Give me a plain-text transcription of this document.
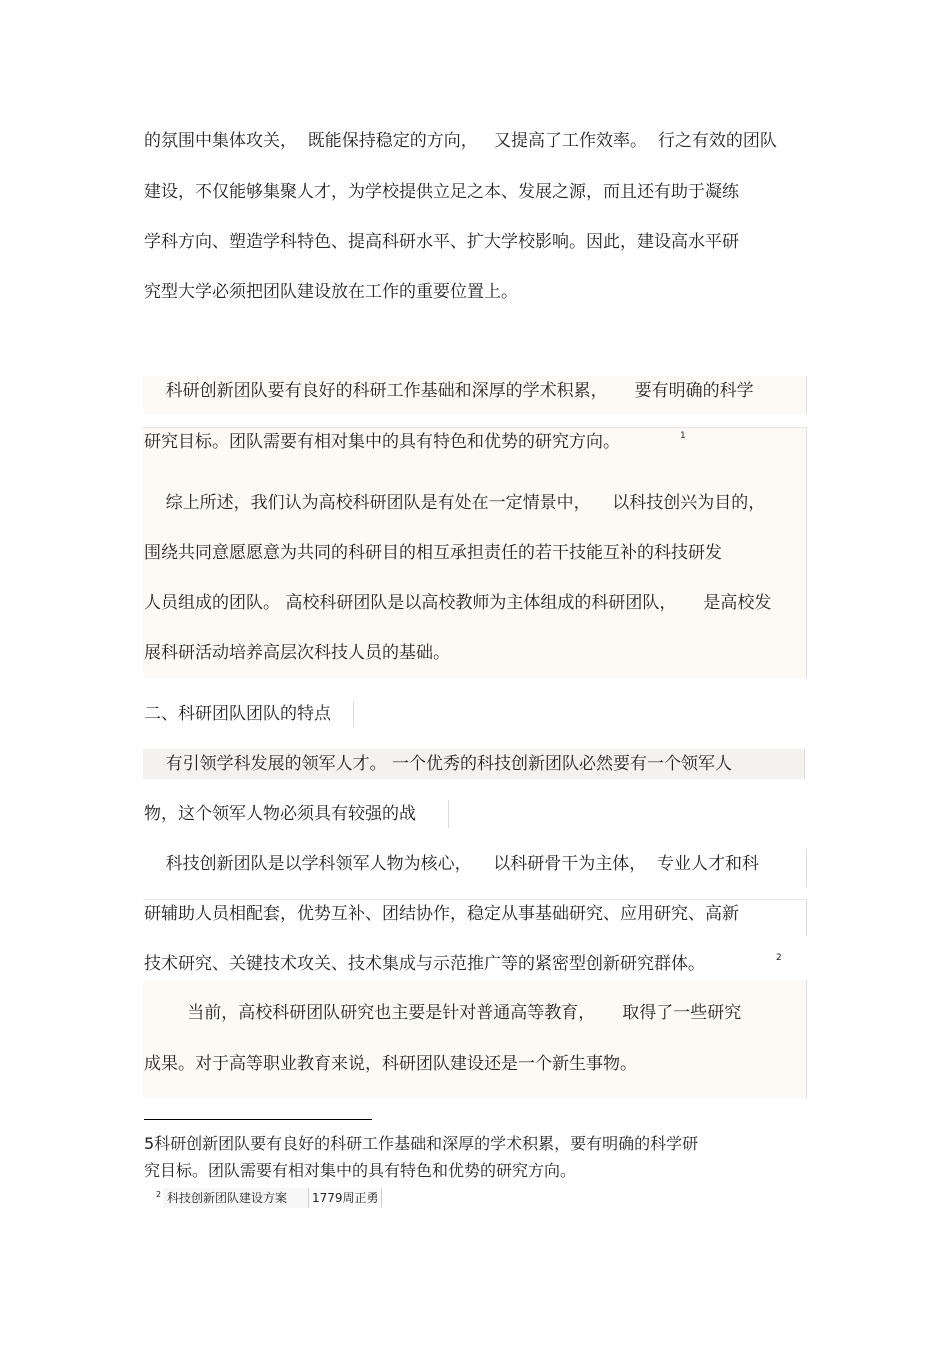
的氛围中集体攻关，  既能保持稳定的方向，   又提高了工作效率。  行之有效的团队
建设，不仅能够集聚人才，为学校提供立足之本、发展之源，而且还有助于凝练
学科方向、塑造学科特色、提高科研水平、扩大学校影响。因此，建设高水平研
究型大学必须把团队建设放在工作的重要位置上。
科研创新团队要有良好的科研工作基础和深厚的学术积累，     要有明确的科学
研究目标。团队需要有相对集中的具有特色和优势的研究方向。	1
综上所述，我们认为高校科研团队是有处在一定情景中，    以科技创兴为目的，
围绕共同意愿愿意为共同的科研目的相互承担责任的若干技能互补的科技研发
人员组成的团队。 高校科研团队是以高校教师为主体组成的科研团队，     是高校发
展科研活动培养高层次科技人员的基础。
二、科研团队团队的特点
有引领学科发展的领军人才。 一个优秀的科技创新团队必然要有一个领军人
物，这个领军人物必须具有较强的战
科技创新团队是以学科领军人物为核心，    以科研骨干为主体，  专业人才和科
研辅助人员相配套，优势互补、团结协作，稳定从事基础研究、应用研究、高新
技术研究、关键技术攻关、技术集成与示范推广等的紧密型创新研究群体。	2
当前，高校科研团队研究也主要是针对普通高等教育，     取得了一些研究
成果。对于高等职业教育来说，科研团队建设还是一个新生事物。
5科研创新团队要有良好的科研工作基础和深厚的学术积累，要有明确的科学研
究目标。团队需要有相对集中的具有特色和优势的研究方向。
2 科技创新团队建设方案 1779周正勇
